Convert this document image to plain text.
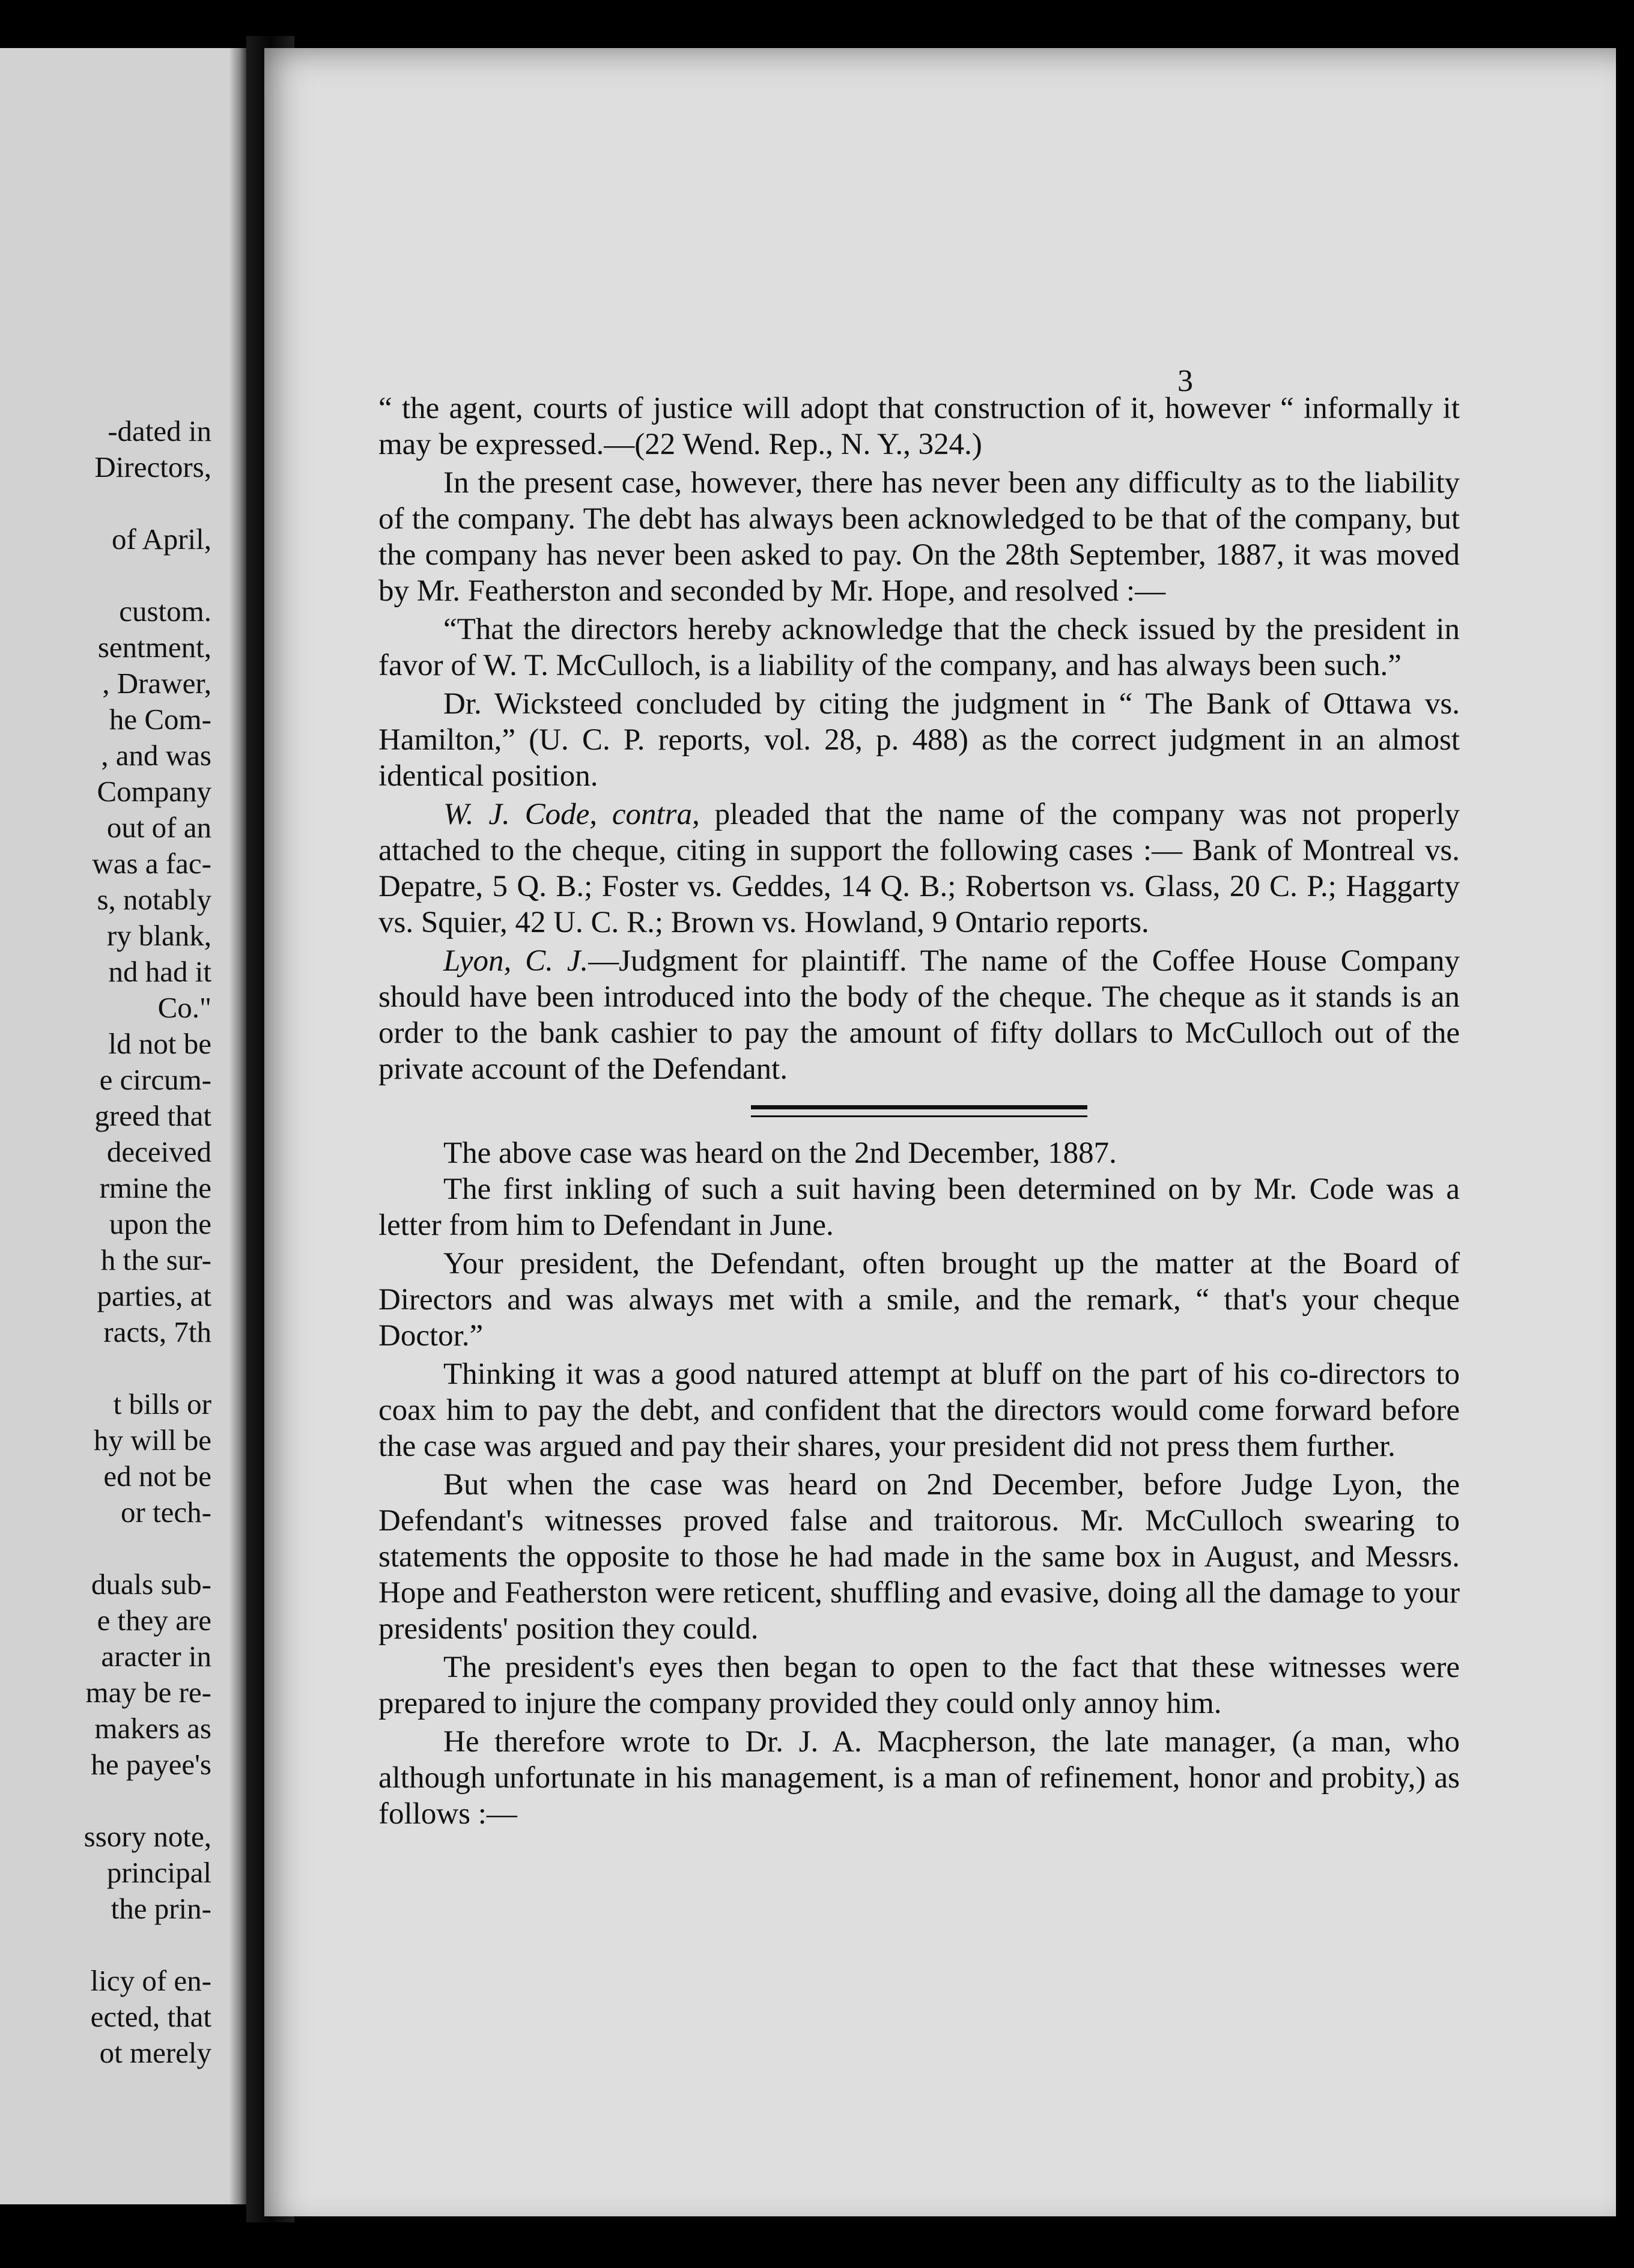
-dated in
Directors,
of April,
custom.
sentment,
, Drawer,
he Com-
, and was
Company
out of an
was a fac-
s, notably
ry blank,
nd had it
Co."
ld not be
e circum-
greed that
deceived
rmine the
upon the
h the sur-
parties, at
racts, 7th
t bills or
hy will be
ed not be
or tech-
duals sub-
e they are
aracter in
may be re-
makers as
he payee's
ssory note,
principal
the prin-
licy of en-
ected, that
ot merely
3

“ the agent, courts of justice will adopt that construction of it, however “ informally it may be expressed.—(22 Wend. Rep., N. Y., 324.)

In the present case, however, there has never been any difficulty as to the liability of the company. The debt has always been acknowledged to be that of the company, but the company has never been asked to pay. On the 28th September, 1887, it was moved by Mr. Featherston and seconded by Mr. Hope, and resolved :—

“That the directors hereby acknowledge that the check issued by the president in favor of W. T. McCulloch, is a liability of the company, and has always been such.”

Dr. Wicksteed concluded by citing the judgment in “ The Bank of Ottawa vs. Hamilton,” (U. C. P. reports, vol. 28, p. 488) as the correct judgment in an almost identical position.

W. J. Code, contra, pleaded that the name of the company was not properly attached to the cheque, citing in support the following cases :— Bank of Montreal vs. Depatre, 5 Q. B.; Foster vs. Geddes, 14 Q. B.; Robertson vs. Glass, 20 C. P.; Haggarty vs. Squier, 42 U. C. R.; Brown vs. Howland, 9 Ontario reports.

Lyon, C. J.—Judgment for plaintiff. The name of the Coffee House Company should have been introduced into the body of the cheque. The cheque as it stands is an order to the bank cashier to pay the amount of fifty dollars to McCulloch out of the private account of the Defendant.

The above case was heard on the 2nd December, 1887.

The first inkling of such a suit having been determined on by Mr. Code was a letter from him to Defendant in June.

Your president, the Defendant, often brought up the matter at the Board of Directors and was always met with a smile, and the remark, “ that's your cheque Doctor.”

Thinking it was a good natured attempt at bluff on the part of his co-directors to coax him to pay the debt, and confident that the directors would come forward before the case was argued and pay their shares, your president did not press them further.

But when the case was heard on 2nd December, before Judge Lyon, the Defendant's witnesses proved false and traitorous. Mr. McCulloch swearing to statements the opposite to those he had made in the same box in August, and Messrs. Hope and Featherston were reticent, shuffling and evasive, doing all the damage to your presidents' position they could.

The president's eyes then began to open to the fact that these witnesses were prepared to injure the company provided they could only annoy him.

He therefore wrote to Dr. J. A. Macpherson, the late manager, (a man, who although unfortunate in his management, is a man of refinement, honor and probity,) as follows :—
